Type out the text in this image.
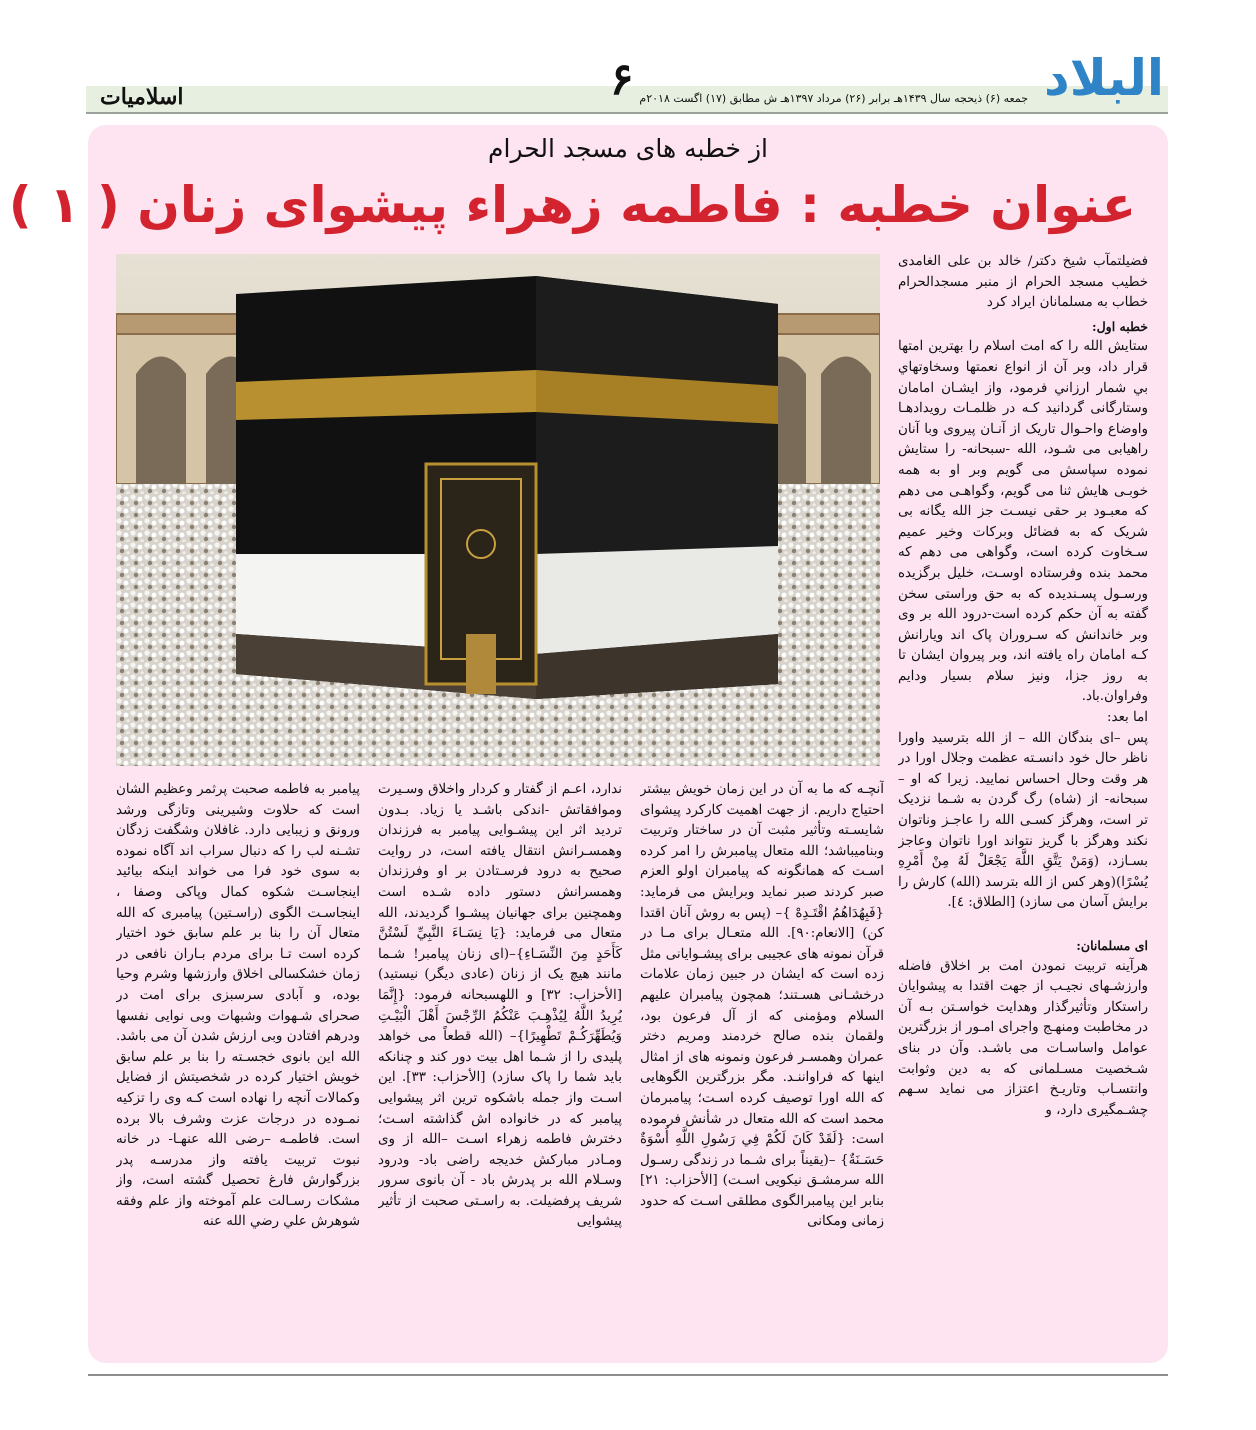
البلاد
۶ جمعه (۶) ذیحجه سال ۱۴۳۹هـ برابر (۲۶) مرداد ۱۳۹۷هـ ش مطابق (۱۷) اگست ۲۰۱۸م
اسلامیات
از خطبه های مسجد الحرام
عنوان خطبه : فاطمه زهراء پیشوای زنان ( ۱ )

فضیلتمآب شیخ دکتر/ خالد بن علی الغامدی خطیب مسجد الحرام از منبر مسجدالحرام خطاب به مسلمانان ایراد کرد

خطبه اول:

ستایش الله را که امت اسلام را بهترین امتها قرار داد، وبر آن از انواع نعمتها وسخاوتهاي بي شمار ارزاني فرمود، واز ایشـان امامان وستارگانی گردانید کـه در ظلمـات رویدادهـا واوضاع واحـوال تاریک از آنـان پیروی وبا آنان راهیابی می شـود، الله -سبحانه- را ستایش نموده سپاسش می گویم وبر او به همه خوبـی هایش ثنا می گویم، وگواهـی می دهم که معبـود بر حقی نیسـت جز الله یگانه بی شریک که به فضائل وبرکات وخیر عمیم سـخاوت کرده است، وگواهی می دهم که محمد بنده وفرستاده اوسـت، خلیل برگزیده ورسـول پسـندیده که به حق وراستی سخن گفته به آن حکم کرده است-درود الله بر وی وبر خاندانش که سـروران پاک اند ویارانش کـه امامان راه یافته اند، وبر پیروان ایشان تا به روز جزا، ونیز سلام بسیار ودایم وفراوان.باد.

اما بعد:

پس –ای بندگان الله – از الله بترسید واورا ناظر حال خود دانسـته عظمت وجلال اورا در هر وقت وحال احساس نمایید. زیرا که او –سبحانه- از (شاه) رگ گردن به شـما نزدیک تر است، وهرگز کسـی الله را عاجـز وناتوان نکند وهرگز با گریز نتواند اورا ناتوان وعاجز بسـازد، (وَمَنْ يَتَّقِ اللَّهَ يَجْعَلْ لَهُ مِنْ أَمْرِهِ يُسْرًا)(وهر کس از الله بترسد (الله) کارش را برایش آسان می سازد) [الطلاق: ٤].

ای مسلمانان:

هرآینه تربیت نمودن امت بر اخلاق فاضله وارزشـهای نجیـب از جهت اقتدا به پیشوایان راستکار وتأثیرگذار وهدایت خواسـتن بـه آن در مخاطبت ومنهـج واجرای امـور از بزرگترین عوامل واساسـات می باشـد. وآن در بنای شـخصیت مسـلمانی که به دین وثوابت وانتسـاب وتاریـخ اعتزاز می نماید سـهم چشـمگیری دارد، و

آنچـه که ما به آن در این زمان خویش بیشتر احتیاج داریم. از جهت اهمیت کارکرد پیشوای شایسـته وتأثیر مثبت آن در ساختار وتربیت وبناميباشد؛ الله متعال پیامبرش را امر کرده اسـت که همانگونه که پیامبران اولو العزم صبر کردند صبر نماید وبرایش می فرماید: {فَبِهُدَاهُمُ اقْتَـدِهْ }– (پس به روش آنان اقتدا کن) [الانعام:۹۰]. الله متعـال برای مـا در قرآن نمونه های عجیبی برای پیشـوایانی مثل زده است که ایشان در جبین زمان علامات درخشـانی هسـتند؛ همچون پیامبران علیهم السلام ومؤمنی که از آل فرعون بود، ولقمان بنده صالح خردمند ومریم دختر عمران وهمسـر فرعون ونمونه های از امثال اینها که فراواننـد. مگر بزرگترین الگوهایی که الله اورا توصیف کرده اسـت؛ پیامبرمان محمد است که الله متعال در شأنش فرموده است: {لَقَدْ كَانَ لَكُمْ فِي رَسُولِ اللَّهِ أُسْوَةٌ حَسَـنَةٌ} –(یقیناً برای شـما در زندگی رسـول الله سرمشـق نیکویی اسـت) [الأحزاب: ۲۱] بنابر این پیامبرالگوی مطلقی اسـت که حدود زمانی ومکانی

ندارد، اعـم از گفتار و کردار واخلاق وسـیرت وموافقاتش -اندکی باشـد یا زیاد. بـدون تردید اثر این پیشـوایی پیامبر به فرزندان وهمسـرانش انتقال یافته است، در روایت صحیح به درود فرسـتادن بر او وفرزندان وهمسرانش دستور داده شـده است وهمچنین برای جهانیان پیشـوا گردیدند، الله متعال می فرماید: {يَا نِسَـاءَ النَّبِيِّ لَسْتُنَّ كَأَحَدٍ مِنَ النِّسَـاءِ}–(ای زنان پیامبر! شـما مانند هیچ یک از زنان (عادی دیگر) نیستید) [الأحزاب: ۳۲] و اللهسبحانه فرمود: {إِنَّمَا يُرِيدُ اللَّهُ لِيُذْهِـبَ عَنْكُمُ الرِّجْسَ أَهْلَ الْبَيْـتِ وَيُطَهِّرَكُـمْ تَطْهِيرًا}– (الله قطعاً می خواهد پلیدی را از شـما اهل بیت دور کند و چنانکه باید شما را پاک سازد) [الأحزاب: ۳۳]. این اسـت واز جمله باشکوه ترین اثر پیشوایی پیامبر که در خانواده اش گذاشته اسـت؛ دخترش فاطمه زهراء اسـت –الله از وی ومـادر مبارکش خدیجه راضی باد- ودرود وسـلام الله بر پدرش باد - آن بانوی سرور شریف پرفضیلت. به راسـتی صحبت از تأثیر پیشوایی

پیامبر به فاطمه صحبت پرثمر وعظیم الشان است که حلاوت وشیرینی وتازگی ورشد ورونق و زیبایی دارد. غافلان وشگفت زدگان تشـنه لب را که دنبال سراب اند آگاه نموده به سوی خود فرا می خواند اینکه بیائید اینجاسـت شکوه کمال وپاکی وصفا ، اینجاسـت الگوی (راسـتین) پیامبری که الله متعال آن را بنا بر علم سابق خود اختیار کرده است تـا برای مردم بـاران نافعی در زمان خشکسالی اخلاق وارزشها وشرم وحیا بوده، و آبادی سرسبزی برای امت در صحرای شـهوات وشبهات وبی نوایی نفسها ودرهم افتادن وبی ارزش شدن آن می باشد. الله این بانوی خجسـته را بنا بر علم سابق خویش اختیار کرده در شخصیتش از فضایل وکمالات آنچه را نهاده است کـه وی را تزکیه نمـوده در درجات عزت وشرف بالا برده است. فاطمـه –رضی الله عنهـا- در خانه نبوت تربیت یافته واز مدرسـه پدر بزرگوارش فارغ تحصیل گشته است، واز مشکات رسـالت علم آموخته واز علم وفقه شوهرش علي رضي الله عنه
